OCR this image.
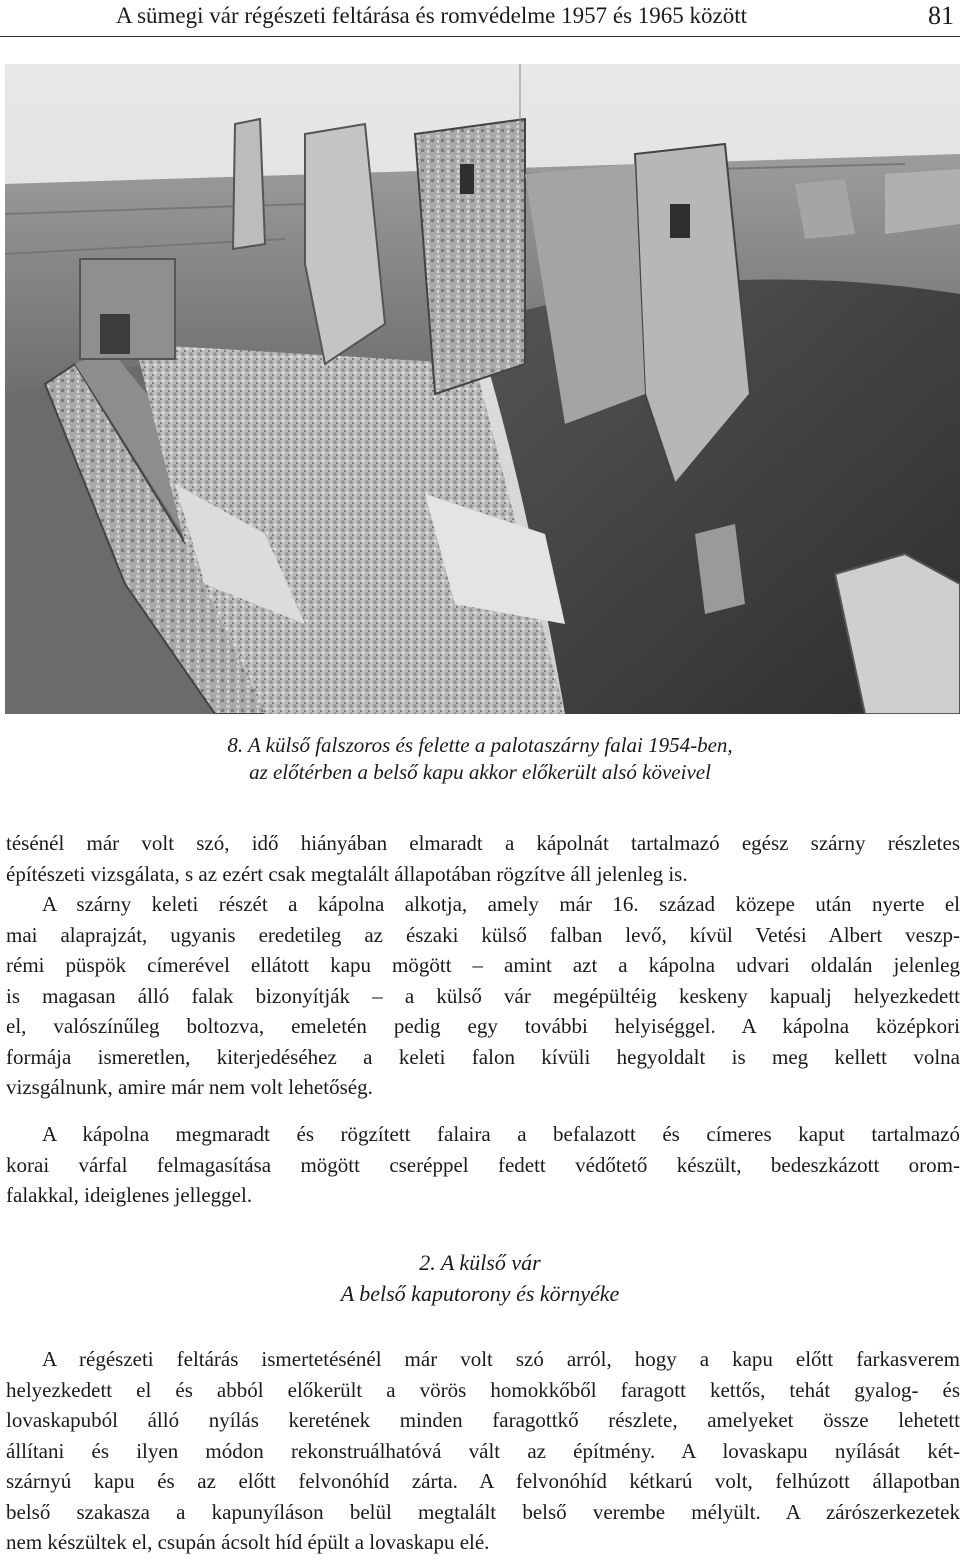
A sümegi vár régészeti feltárása és romvédelme 1957 és 1965 között	81
8. A külső falszoros és felette a palotaszárny falai 1954-ben,
az előtérben a belső kapu akkor előkerült alsó köveivel
tésénél már volt szó, idő hiányában elmaradt a kápolnát tartalmazó egész szárny részletes
építészeti vizsgálata, s az ezért csak megtalált állapotában rögzítve áll jelenleg is.
A szárny keleti részét a kápolna alkotja, amely már 16. század közepe után nyerte el
mai alaprajzát, ugyanis eredetileg az északi külső falban levő, kívül Vetési Albert veszp-
rémi püspök címerével ellátott kapu mögött – amint azt a kápolna udvari oldalán jelenleg
is magasan álló falak bizonyítják – a külső vár megépültéig keskeny kapualj helyezkedett
el, valószínűleg boltozva, emeletén pedig egy további helyiséggel. A kápolna középkori
formája ismeretlen, kiterjedéséhez a keleti falon kívüli hegyoldalt is meg kellett volna
vizsgálnunk, amire már nem volt lehetőség.
A kápolna megmaradt és rögzített falaira a befalazott és címeres kaput tartalmazó
korai várfal felmagasítása mögött cseréppel fedett védőtető készült, bedeszkázott orom-
falakkal, ideiglenes jelleggel.
2. A külső vár
A belső kaputorony és környéke
A régészeti feltárás ismertetésénél már volt szó arról, hogy a kapu előtt farkasverem
helyezkedett el és abból előkerült a vörös homokkőből faragott kettős, tehát gyalog- és
lovaskapuból álló nyílás keretének minden faragottkő részlete, amelyeket össze lehetett
állítani és ilyen módon rekonstruálhatóvá vált az építmény. A lovaskapu nyílását két-
szárnyú kapu és az előtt felvonóhíd zárta. A felvonóhíd kétkarú volt, felhúzott állapotban
belső szakasza a kapunyíláson belül megtalált belső verembe mélyült. A zárószerkezetek
nem készültek el, csupán ácsolt híd épült a lovaskapu elé.
